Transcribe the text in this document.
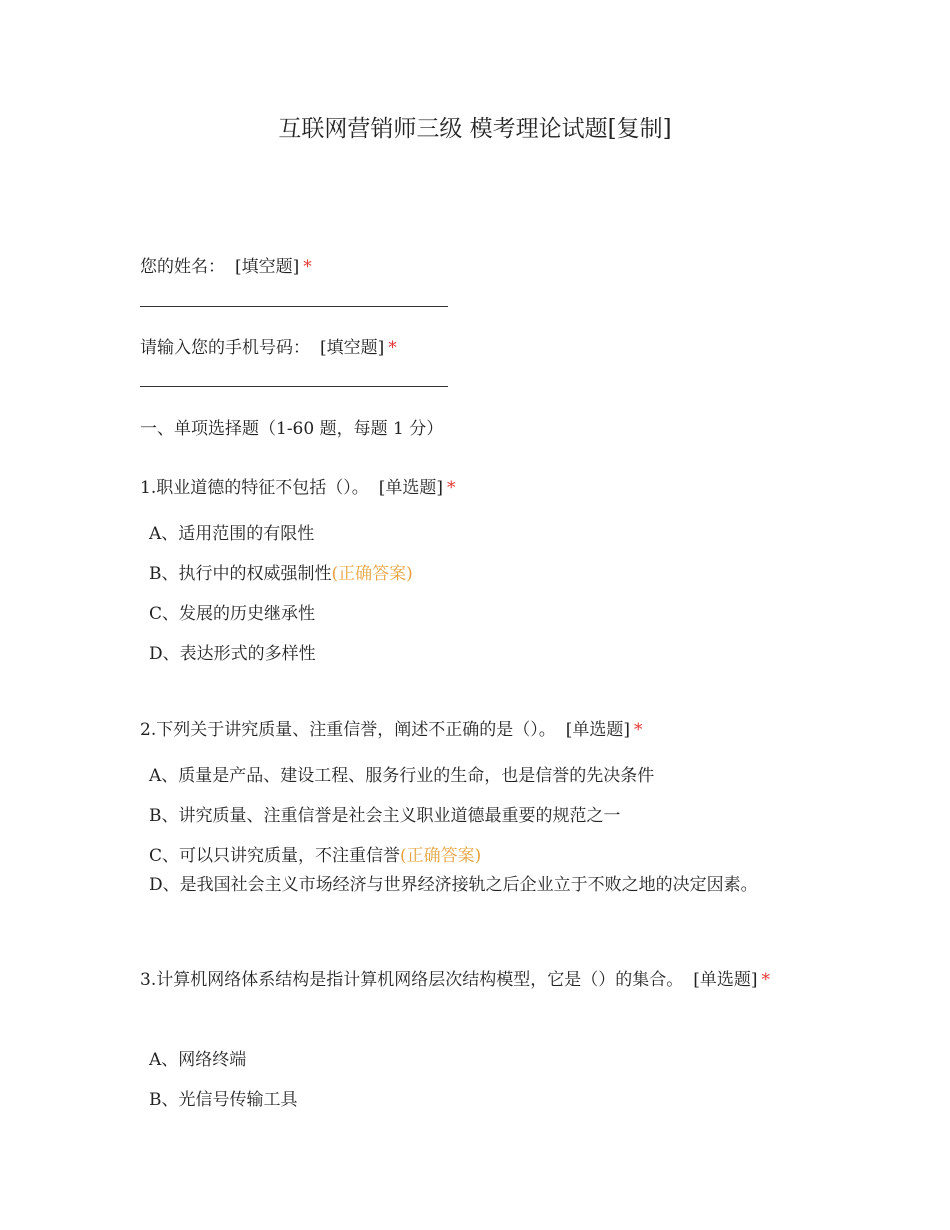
互联网营销师三级 模考理论试题[复制]
您的姓名： [填空题] *
请输入您的手机号码： [填空题] *
一、单项选择题（1-60 题，每题 1 分）
1.职业道德的特征不包括（）。 [单选题] *
A、适用范围的有限性
B、执行中的权威强制性(正确答案)
C、发展的历史继承性
D、表达形式的多样性
2.下列关于讲究质量、注重信誉，阐述不正确的是（）。 [单选题] *
A、质量是产品、建设工程、服务行业的生命，也是信誉的先决条件
B、讲究质量、注重信誉是社会主义职业道德最重要的规范之一
C、可以只讲究质量，不注重信誉(正确答案)
D、是我国社会主义市场经济与世界经济接轨之后企业立于不败之地的决定因素。
3.计算机网络体系结构是指计算机网络层次结构模型，它是（）的集合。 [单选题] *
A、网络终端
B、光信号传输工具
